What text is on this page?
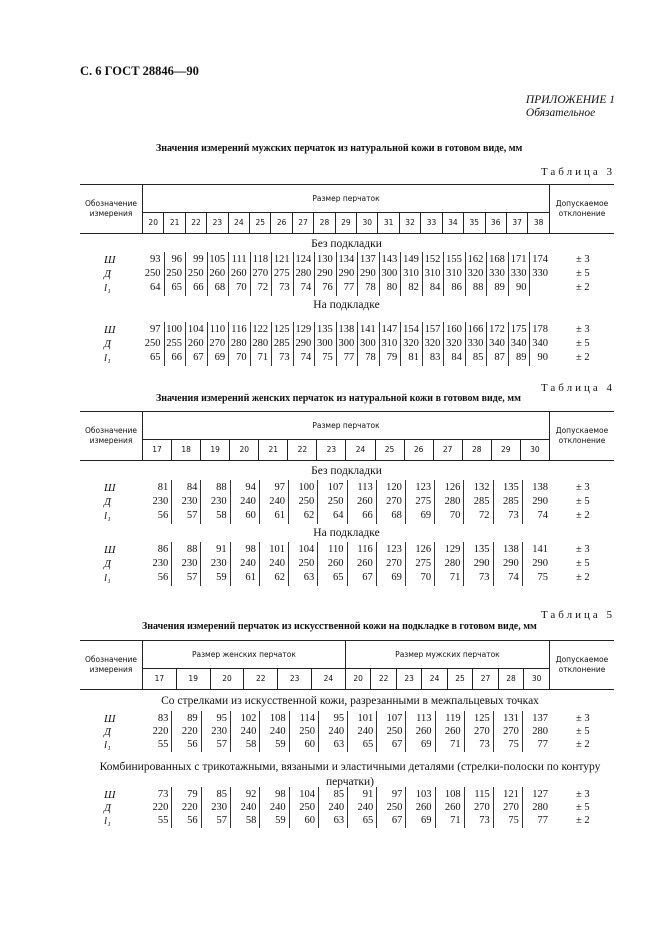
С. 6 ГОСТ 28846—90
ПРИЛОЖЕНИЕ 1
Обязательное
Значения измерений мужских перчаток из натуральной кожи в готовом виде, мм
Таблица 3
Обозначение измерения	Размер перчаток																			Допускаемое отклонение
	20	21	22	23	24	25	26	27	28	29	30	31	32	33	34	35	36	37	38	
Таблица 4
Значения измерений женских перчаток из натуральной кожи в готовом виде, мм
Обозначение измерения	Размер перчаток														Допускаемое отклонение
	17	18	19	20	21	22	23	24	25	26	27	28	29	30	
Таблица 5
Значения измерений перчаток из искусственной кожи на подкладке в готовом виде, мм
Обозначение измерения	Размер женских перчаток						Размер мужских перчаток								Допускаемое отклонение
	17	19	20	22	23	24	20	22	23	24	25	27	28	30	
Без подкладки
Ш	93	96	99 105 111 118 121 124 130 134 137 143 149 152 155 162 168 171 174	± 3
Д	250 250 250 260 260 270 275 280 290 290 290 300 310 310 310 320 330 330 330	± 5
l₁	64	65	66	68	70	72	73	74	76	77	78	80	82	84	86	88	89	90	± 2
На подкладке
Ш	97 100 104 110 116 122 125 129 135 138 141 147 154 157 160 166 172 175 178	± 3
Д	250 255 260 270 280 280 285 290 300 300 300 310 320 320 320 330 340 340 340	± 5
l₁	65	66	67	69	70	71	73	74	75	77	78	79	81	83	84	85	87	89	90	± 2
Без подкладки
Ш	81	84	88	94	97	100	107	113	120	123	126	132	135	138	± 3
Д	230	230	230	240	240	250	250	260	270	275	280	285	285	290	± 5
l₁	56	57	58	60	61	62	64	66	68	69	70	72	73	74	± 2
На подкладке
Ш	86	88	91	98	101	104	110	116	123	126	129	135	138	141	± 3
Д	230	230	230	240	240	250	260	260	270	275	280	290	290	290	± 5
l₁	56	57	59	61	62	63	65	67	69	70	71	73	74	75	± 2
Со стрелками из искусственной кожи, разрезанными в межпальцевых точках
Ш	83	89	95	102	108	114	95	101	107	113	119	125	131	137	± 3
Д	220	220	230	240	240	250	240	240	250	260	260	270	270	280	± 5
l₁	55	56	57	58	59	60	63	65	67	69	71	73	75	77	± 2
Комбинированных с трикотажными, вязаными и эластичными деталями (стрелки-полоски по контуру перчатки)
Ш	73	79	85	92	98	104	85	91	97	103	108	115	121	127	± 3
Д	220	220	230	240	240	250	240	240	250	260	260	270	270	280	± 5
l₁	55	56	57	58	59	60	63	65	67	69	71	73	75	77	± 2
